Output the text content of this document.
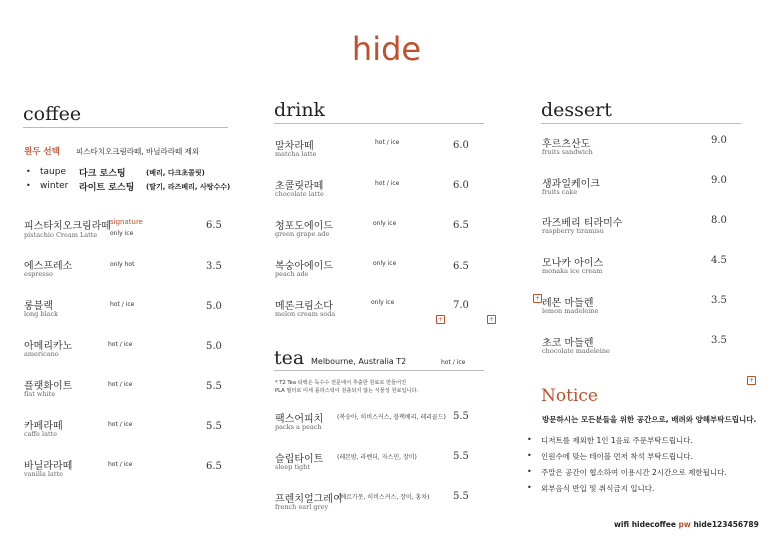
hide
coffee
원두 선택 피스타치오크림라떼, 바닐라라떼 제외
• taupe 다크 로스팅	(베리, 다크초콜릿)
• winter 라이트 로스팅 (딸기, 라즈베리, 사탕수수)
피스타치오크림라떼 signature
pistachio Cream Latte only ice
6.5
에스프레소
espresso
only hot	3.5
롱블랙
long black
hot / ice	5.0
아메리카노
americano
hot / ice	5.0
플랫화이트
flat white
hot / ice	5.5
카페라떼
caffe latte
hot / ice	5.5
바닐라라떼
vanilla latte
hot / ice	6.5
drink
말차라떼
matcha latte
hot / ice	6.0
초콜릿라떼
chocolate latte
hot / ice	6.0
청포도에이드
green grape ade
only ice	6.5
복숭아에이드
peach ade
only ice	6.5
메론크림소다
melon cream soda
only ice	7.0
+	+
tea Melbourne, Australia T2	hot / ice
* T2 Tea 티백은 독수수 전문에서 추출한 원료로 만들어진
PLA 필터로 미세 플라스틱이 검출되지 않는 식물성 원료입니다.
팩스어피치 (복숭아, 히비스커스, 블랙베리, 레리골드)
packs a peach
5.5
슬립타이트 (레몬밤, 라벤더, 자스민, 장미)
sleep tight
5.5
프렌치얼그레이
(베르가못, 히비스커스, 장미, 홍차)
french earl grey
5.5
dessert
후르츠산도
fruits sandwich
9.0
생과일케이크
fruits cake
9.0
라즈베리 티라미수
raspberry tiramisu
8.0
모나카 아이스
monaka ice cream
4.5
+ 레몬 마들렌
lemon madeleine
3.5
초코 마들렌
chocolate madeleine
3.5
+
Notice
방문하시는 모든분들을 위한 공간으로, 배려와 양해부탁드립니다.
• 디저트를 제외한 1인 1음료 주문부탁드립니다.
• 인원수에 맞는 테이블 먼저 착석 부탁드립니다.
• 주말은 공간이 협소하여 이용시간 2시간으로 제한됩니다.
• 외부음식 반입 및 취식금지 입니다.
wifi hidecoffee pw hide123456789
